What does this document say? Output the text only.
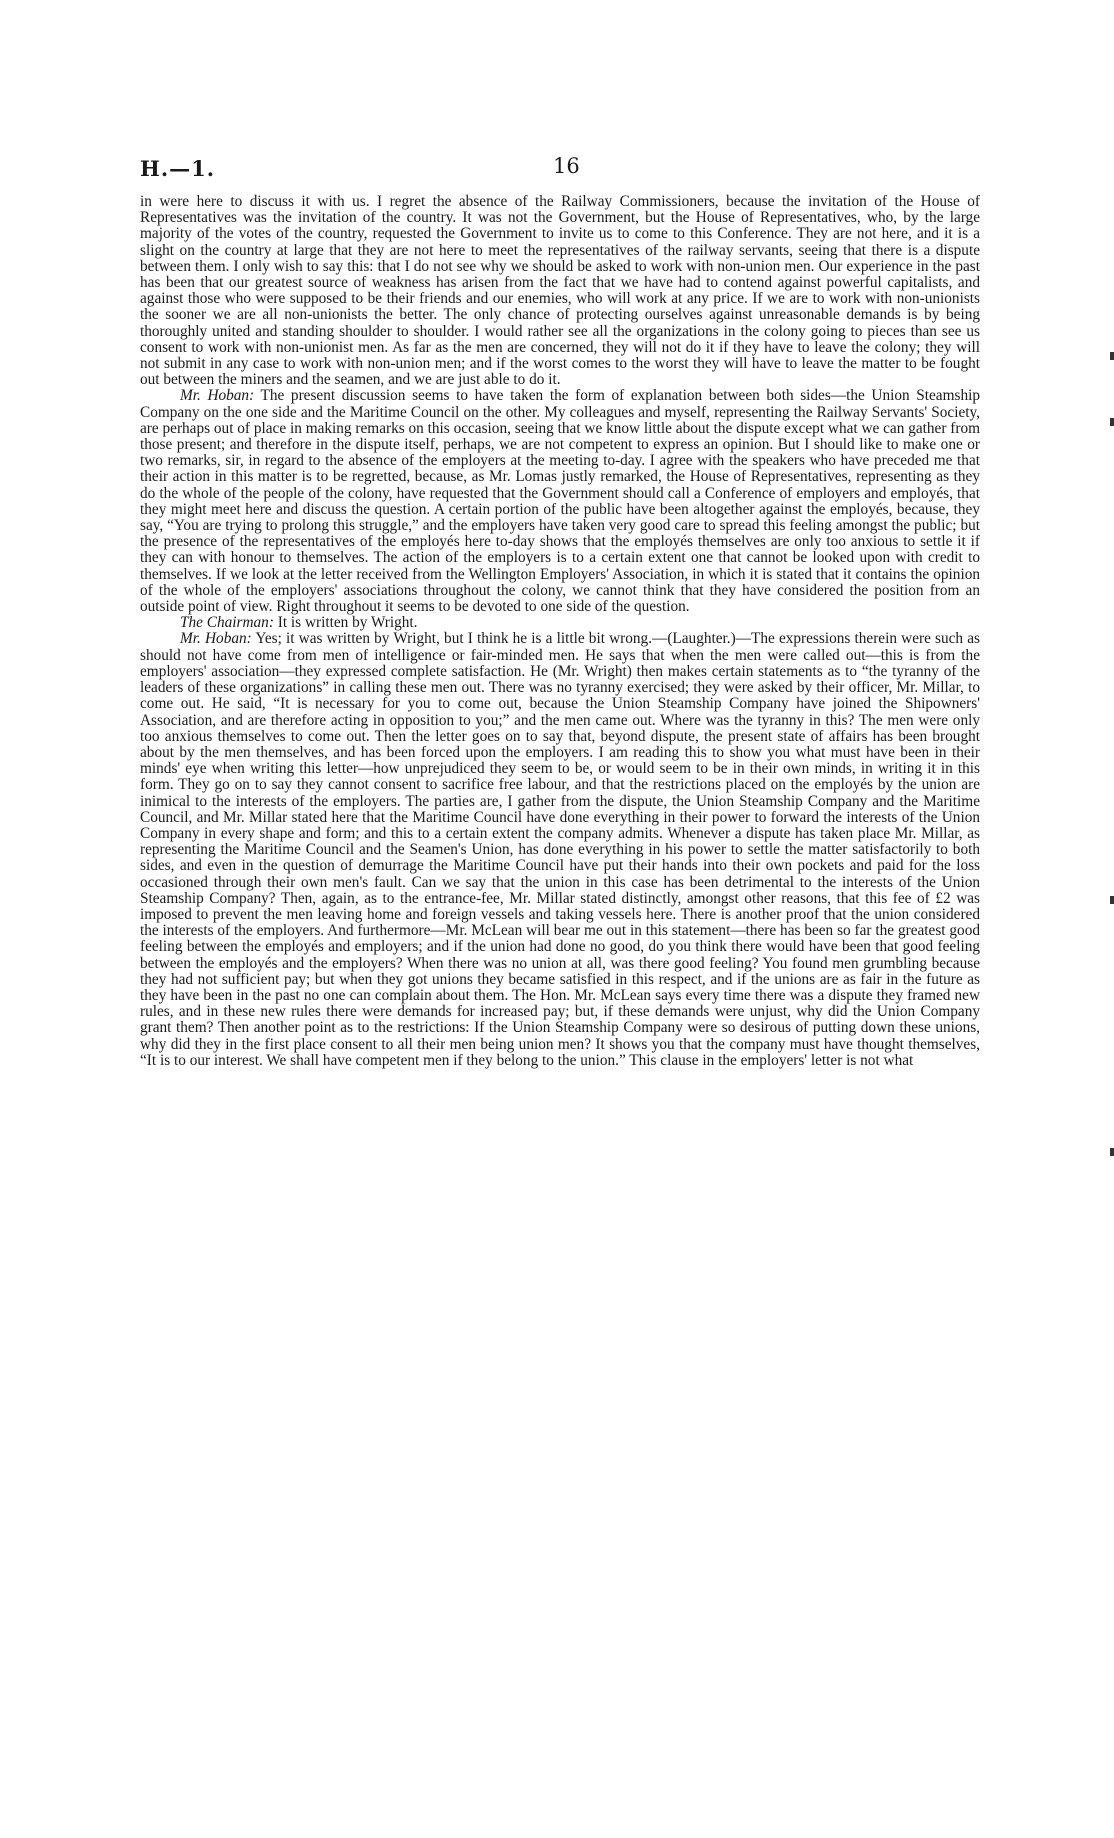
H.—1.	16

in were here to discuss it with us. I regret the absence of the Railway Commissioners, because the invitation of the House of Representatives was the invitation of the country. It was not the Government, but the House of Representatives, who, by the large majority of the votes of the country, requested the Government to invite us to come to this Conference. They are not here, and it is a slight on the country at large that they are not here to meet the representatives of the railway servants, seeing that there is a dispute between them. I only wish to say this: that I do not see why we should be asked to work with non-union men. Our experience in the past has been that our greatest source of weakness has arisen from the fact that we have had to contend against powerful capitalists, and against those who were supposed to be their friends and our enemies, who will work at any price. If we are to work with non-unionists the sooner we are all non-unionists the better. The only chance of protecting ourselves against unreasonable demands is by being thoroughly united and standing shoulder to shoulder. I would rather see all the organizations in the colony going to pieces than see us consent to work with non-unionist men. As far as the men are concerned, they will not do it if they have to leave the colony; they will not submit in any case to work with non-union men; and if the worst comes to the worst they will have to leave the matter to be fought out between the miners and the seamen, and we are just able to do it.

Mr. Hoban: The present discussion seems to have taken the form of explanation between both sides—the Union Steamship Company on the one side and the Maritime Council on the other. My colleagues and myself, representing the Railway Servants' Society, are perhaps out of place in making remarks on this occasion, seeing that we know little about the dispute except what we can gather from those present; and therefore in the dispute itself, perhaps, we are not competent to express an opinion. But I should like to make one or two remarks, sir, in regard to the absence of the employers at the meeting to-day. I agree with the speakers who have preceded me that their action in this matter is to be regretted, because, as Mr. Lomas justly remarked, the House of Representatives, representing as they do the whole of the people of the colony, have requested that the Government should call a Conference of employers and employés, that they might meet here and discuss the question. A certain portion of the public have been altogether against the employés, because, they say, “You are trying to prolong this struggle,” and the employers have taken very good care to spread this feeling amongst the public; but the presence of the representatives of the employés here to-day shows that the employés themselves are only too anxious to settle it if they can with honour to themselves. The action of the employers is to a certain extent one that cannot be looked upon with credit to themselves. If we look at the letter received from the Wellington Employers' Association, in which it is stated that it contains the opinion of the whole of the employers' associations throughout the colony, we cannot think that they have considered the position from an outside point of view. Right throughout it seems to be devoted to one side of the question.

The Chairman: It is written by Wright.

Mr. Hoban: Yes; it was written by Wright, but I think he is a little bit wrong.—(Laughter.)—The expressions therein were such as should not have come from men of intelligence or fair-minded men. He says that when the men were called out—this is from the employers' association—they expressed complete satisfaction. He (Mr. Wright) then makes certain statements as to “the tyranny of the leaders of these organizations” in calling these men out. There was no tyranny exercised; they were asked by their officer, Mr. Millar, to come out. He said, “It is necessary for you to come out, because the Union Steamship Company have joined the Shipowners' Association, and are therefore acting in opposition to you;” and the men came out. Where was the tyranny in this? The men were only too anxious themselves to come out. Then the letter goes on to say that, beyond dispute, the present state of affairs has been brought about by the men themselves, and has been forced upon the employers. I am reading this to show you what must have been in their minds' eye when writing this letter—how unprejudiced they seem to be, or would seem to be in their own minds, in writing it in this form. They go on to say they cannot consent to sacrifice free labour, and that the restrictions placed on the employés by the union are inimical to the interests of the employers. The parties are, I gather from the dispute, the Union Steamship Company and the Maritime Council, and Mr. Millar stated here that the Maritime Council have done everything in their power to forward the interests of the Union Company in every shape and form; and this to a certain extent the company admits. Whenever a dispute has taken place Mr. Millar, as representing the Maritime Council and the Seamen's Union, has done everything in his power to settle the matter satisfactorily to both sides, and even in the question of demurrage the Maritime Council have put their hands into their own pockets and paid for the loss occasioned through their own men's fault. Can we say that the union in this case has been detrimental to the interests of the Union Steamship Company? Then, again, as to the entrance-fee, Mr. Millar stated distinctly, amongst other reasons, that this fee of £2 was imposed to prevent the men leaving home and foreign vessels and taking vessels here. There is another proof that the union considered the interests of the employers. And furthermore—Mr. McLean will bear me out in this statement—there has been so far the greatest good feeling between the employés and employers; and if the union had done no good, do you think there would have been that good feeling between the employés and the employers? When there was no union at all, was there good feeling? You found men grumbling because they had not sufficient pay; but when they got unions they became satisfied in this respect, and if the unions are as fair in the future as they have been in the past no one can complain about them. The Hon. Mr. McLean says every time there was a dispute they framed new rules, and in these new rules there were demands for increased pay; but, if these demands were unjust, why did the Union Company grant them? Then another point as to the restrictions: If the Union Steamship Company were so desirous of putting down these unions, why did they in the first place consent to all their men being union men? It shows you that the company must have thought themselves, “It is to our interest. We shall have competent men if they belong to the union.” This clause in the employers' letter is not what
